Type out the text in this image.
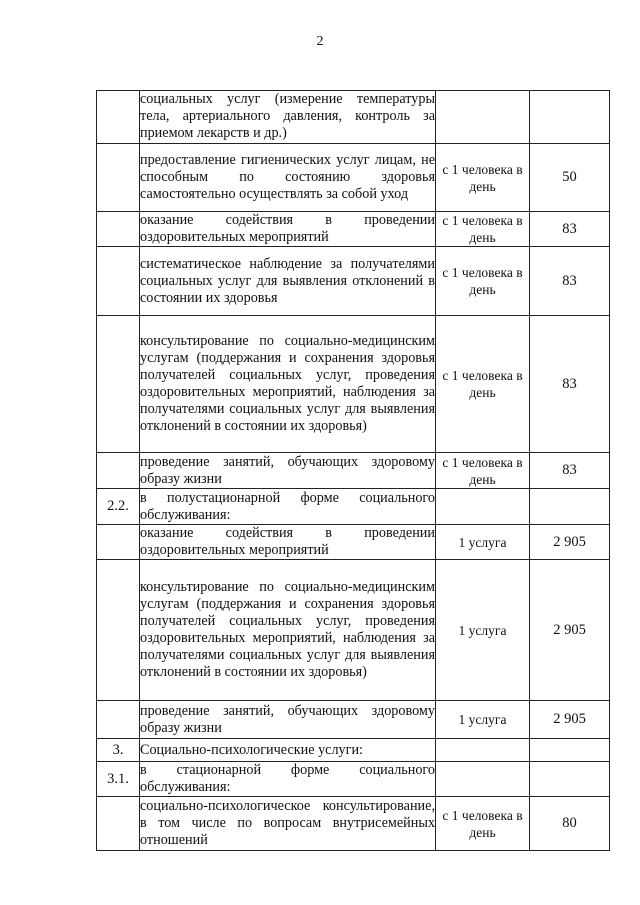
2
	социальных услуг (измерение температуры тела, артериального давления, контроль за приемом лекарств и др.)		
	предоставление гигиенических услуг лицам, не способным по состоянию здоровья самостоятельно осуществлять за собой уход	с 1 человека в день	50
	оказание содействия в проведении оздоровительных мероприятий	с 1 человека в день	83
	систематическое наблюдение за получателями социальных услуг для выявления отклонений в состоянии их здоровья	с 1 человека в день	83
	консультирование по социально-медицинским услугам (поддержания и сохранения здоровья получателей социальных услуг, проведения оздоровительных мероприятий, наблюдения за получателями социальных услуг для выявления отклонений в состоянии их здоровья)	с 1 человека в день	83
	проведение занятий, обучающих здоровому образу жизни	с 1 человека в день	83
2.2.	в полустационарной форме социального обслуживания:		
	оказание содействия в проведении оздоровительных мероприятий	1 услуга	2 905
	консультирование по социально-медицинским услугам (поддержания и сохранения здоровья получателей социальных услуг, проведения оздоровительных мероприятий, наблюдения за получателями социальных услуг для выявления отклонений в состоянии их здоровья)	1 услуга	2 905
	проведение занятий, обучающих здоровому образу жизни	1 услуга	2 905
3.	Социально-психологические услуги:		
3.1.	в стационарной форме социального обслуживания:		
	социально-психологическое консультирование, в том числе по вопросам внутрисемейных отношений	с 1 человека в день	80
